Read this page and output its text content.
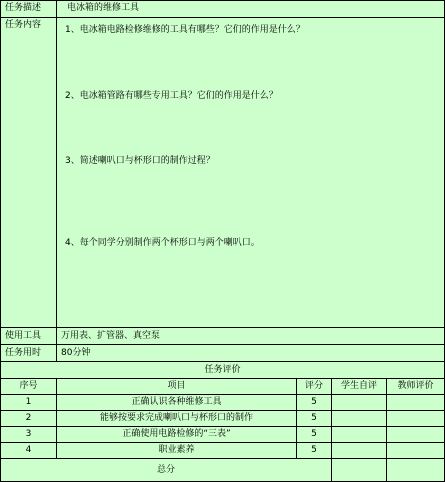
任务描述	电冰箱的维修工具
任务内容	1、电冰箱电路检修维修的工具有哪些？它们的作用是什么？
2、电冰箱管路有哪些专用工具？它们的作用是什么？
3、简述喇叭口与杯形口的制作过程？
4、每个同学分别制作两个杯形口与两个喇叭口。
使用工具	万用表、扩管器、真空泵
任务用时	80分钟
任务评价
序号	项目	评分	学生自评	教师评价
1	正确认识各种维修工具	5
2	能够按要求完成喇叭口与杯形口的制作	5
3	正确使用电路检修的“三表”	5
4	职业素养	5
总分
